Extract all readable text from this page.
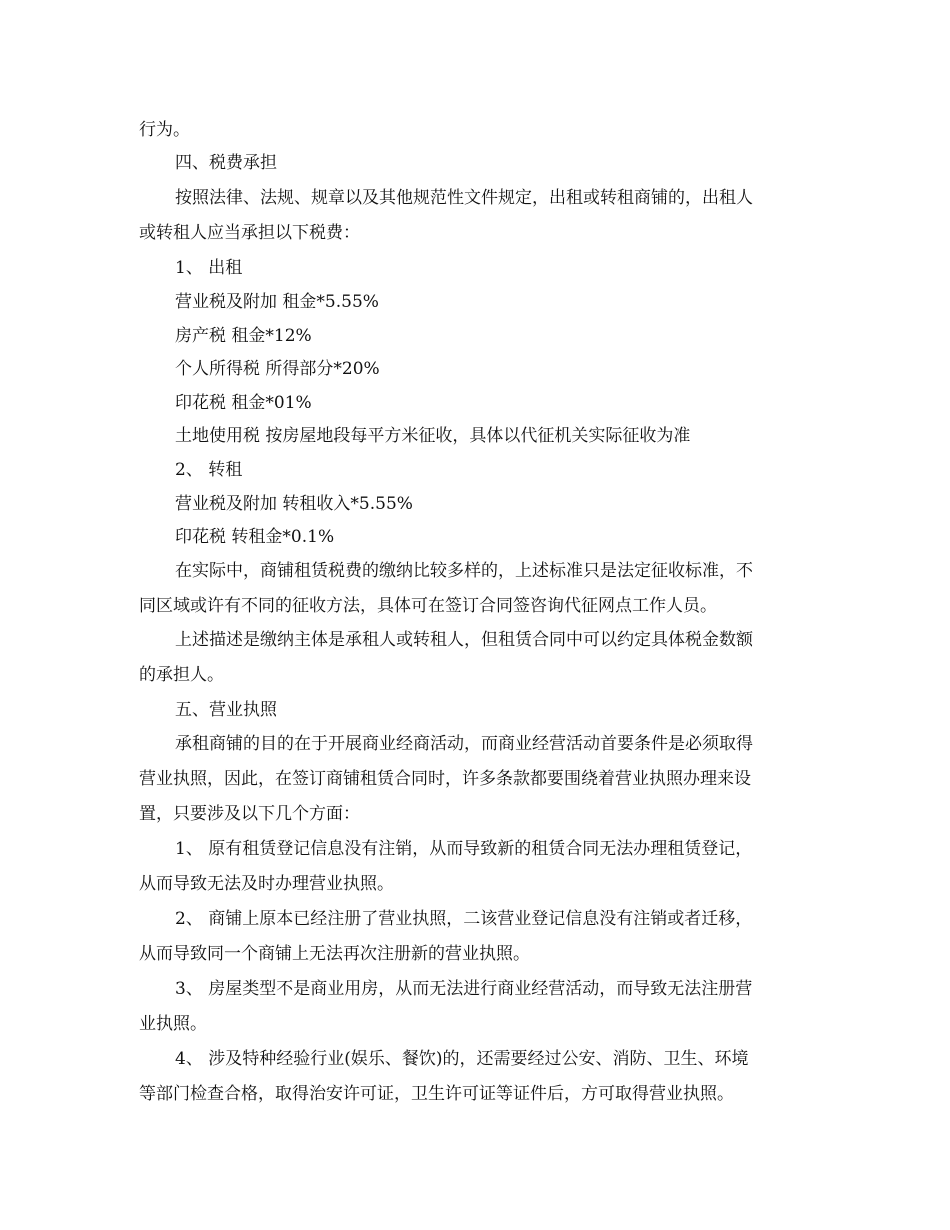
行为。
四、税费承担
按照法律、法规、规章以及其他规范性文件规定，出租或转租商铺的，出租人
或转租人应当承担以下税费：
1、 出租
营业税及附加 租金*5.55%
房产税 租金*12%
个人所得税 所得部分*20%
印花税 租金*01%
土地使用税 按房屋地段每平方米征收，具体以代征机关实际征收为准
2、 转租
营业税及附加 转租收入*5.55%
印花税 转租金*0.1%
在实际中，商铺租赁税费的缴纳比较多样的，上述标准只是法定征收标准，不
同区域或许有不同的征收方法，具体可在签订合同签咨询代征网点工作人员。
上述描述是缴纳主体是承租人或转租人，但租赁合同中可以约定具体税金数额
的承担人。
五、营业执照
承租商铺的目的在于开展商业经商活动，而商业经营活动首要条件是必须取得
营业执照，因此，在签订商铺租赁合同时，许多条款都要围绕着营业执照办理来设
置，只要涉及以下几个方面：
1、 原有租赁登记信息没有注销，从而导致新的租赁合同无法办理租赁登记，
从而导致无法及时办理营业执照。
2、 商铺上原本已经注册了营业执照，二该营业登记信息没有注销或者迁移，
从而导致同一个商铺上无法再次注册新的营业执照。
3、 房屋类型不是商业用房，从而无法进行商业经营活动，而导致无法注册营
业执照。
4、 涉及特种经验行业(娱乐、餐饮)的，还需要经过公安、消防、卫生、环境
等部门检查合格，取得治安许可证，卫生许可证等证件后，方可取得营业执照。
